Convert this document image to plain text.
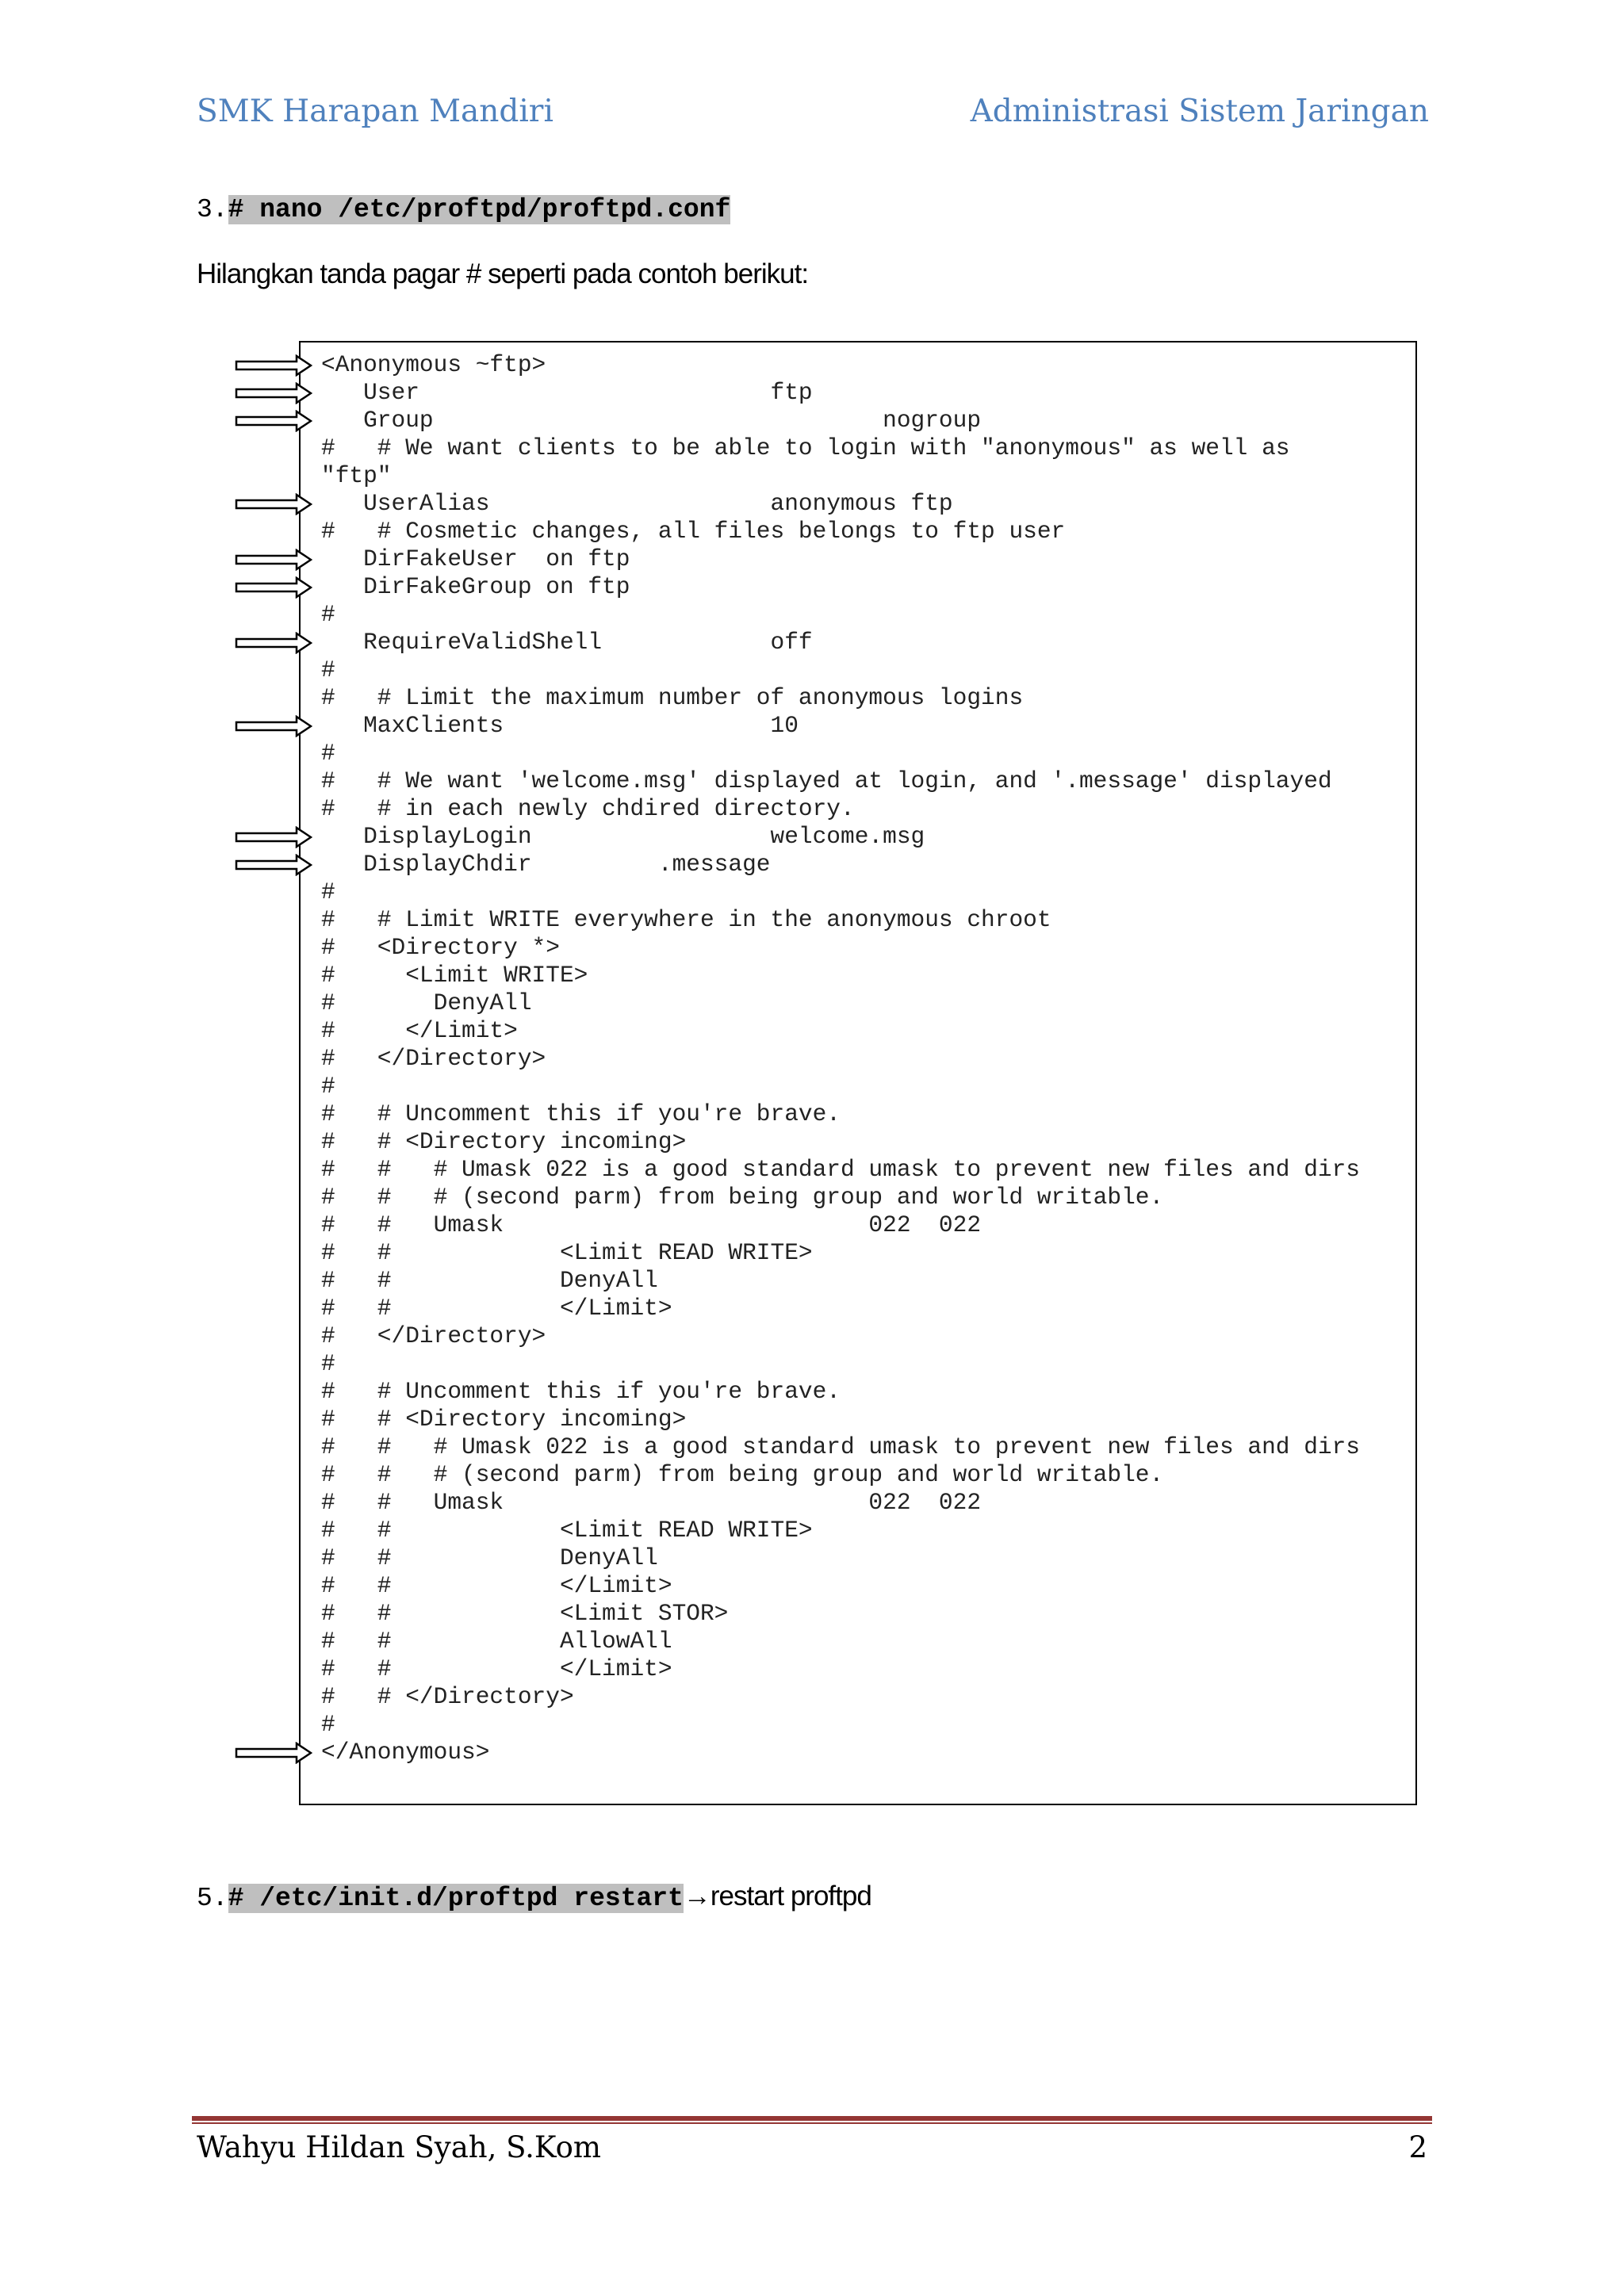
SMK Harapan Mandiri	Administrasi Sistem Jaringan
3.# nano /etc/proftpd/proftpd.conf
Hilangkan tanda pagar # seperti pada contoh berikut:
<Anonymous ~ftp>
User                         ftp
Group                                nogroup
#   # We want clients to be able to login with "anonymous" as well as
"ftp"
UserAlias                    anonymous ftp
#   # Cosmetic changes, all files belongs to ftp user
DirFakeUser  on ftp
DirFakeGroup on ftp
#
RequireValidShell            off
#
#   # Limit the maximum number of anonymous logins
MaxClients                   10
#
#   # We want 'welcome.msg' displayed at login, and '.message' displayed
#   # in each newly chdired directory.
DisplayLogin                 welcome.msg
DisplayChdir         .message
#
#   # Limit WRITE everywhere in the anonymous chroot
#   <Directory *>
#     <Limit WRITE>
#       DenyAll
#     </Limit>
#   </Directory>
#
#   # Uncomment this if you're brave.
#   # <Directory incoming>
#   #   # Umask 022 is a good standard umask to prevent new files and dirs
#   #   # (second parm) from being group and world writable.
#   #   Umask                          022  022
#   #            <Limit READ WRITE>
#   #            DenyAll
#   #            </Limit>
#   </Directory>
#
#   # Uncomment this if you're brave.
#   # <Directory incoming>
#   #   # Umask 022 is a good standard umask to prevent new files and dirs
#   #   # (second parm) from being group and world writable.
#   #   Umask                          022  022
#   #            <Limit READ WRITE>
#   #            DenyAll
#   #            </Limit>
#   #            <Limit STOR>
#   #            AllowAll
#   #            </Limit>
#   # </Directory>
#
</Anonymous>
5.# /etc/init.d/proftpd restart→restart proftpd
Wahyu Hildan Syah, S.Kom	2
